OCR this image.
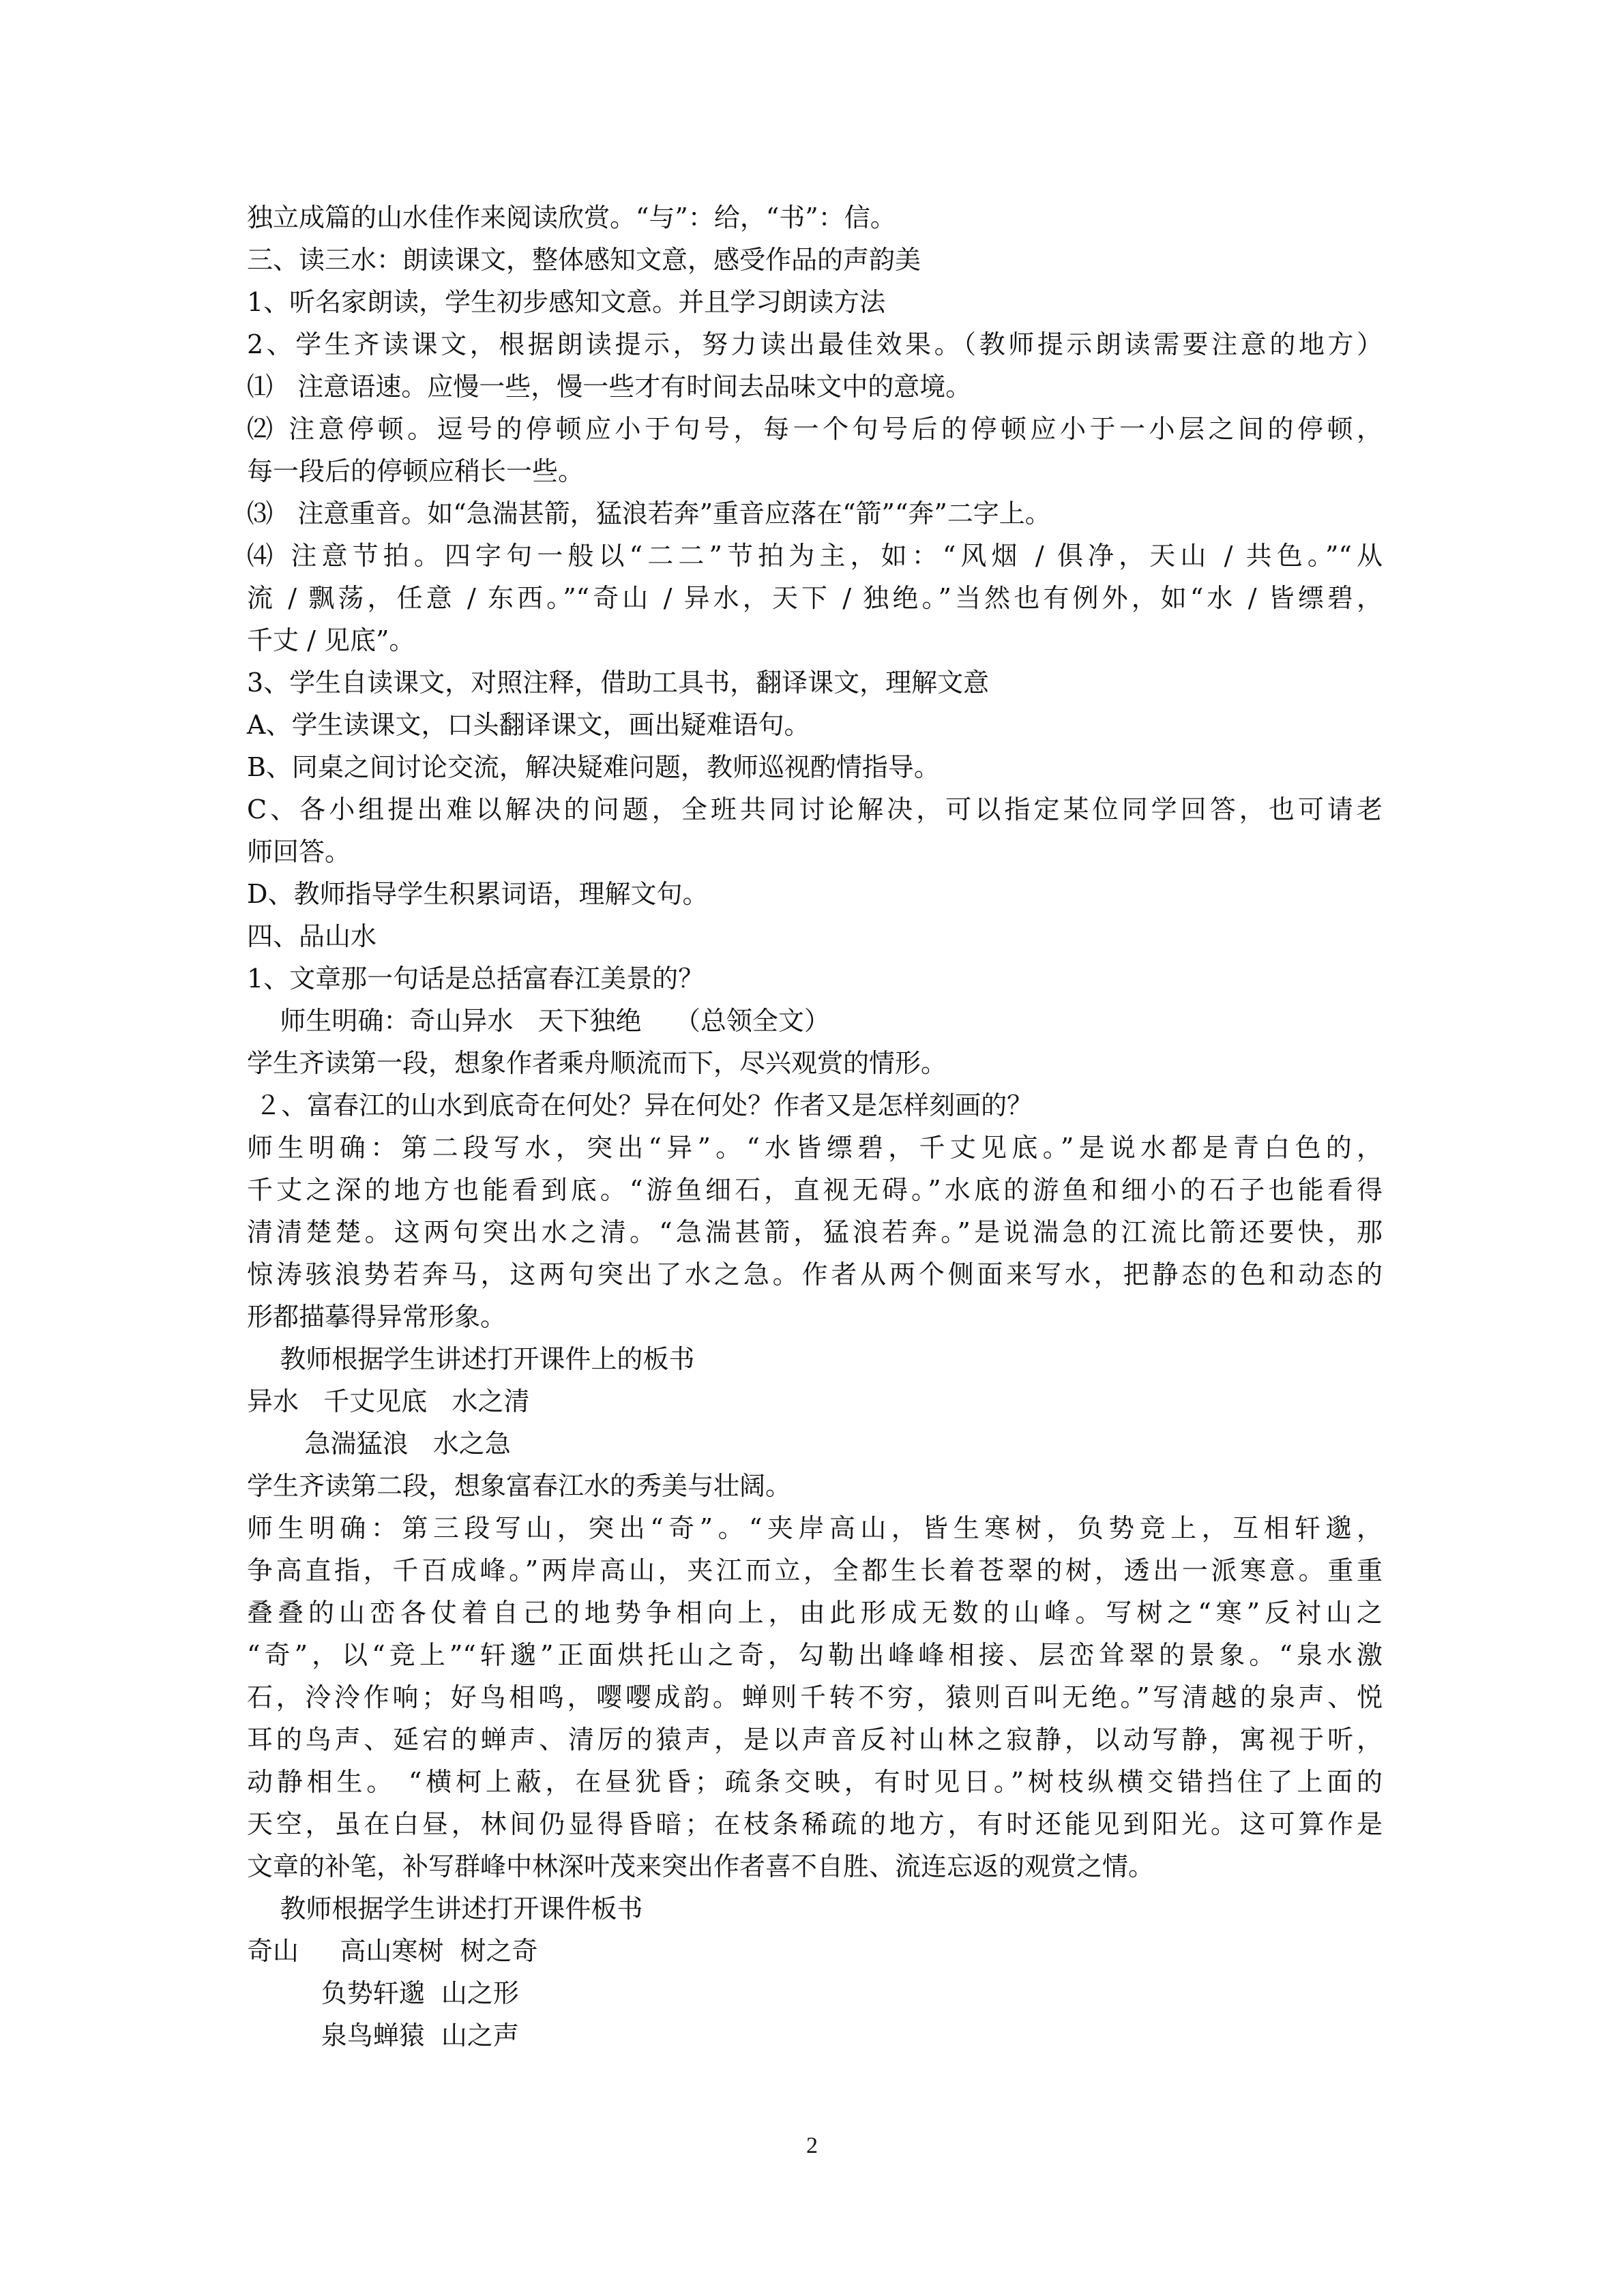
独立成篇的山水佳作来阅读欣赏。“与”：给，“书”：信。
三、读三水：朗读课文，整体感知文意，感受作品的声韵美
1、听名家朗读，学生初步感知文意。并且学习朗读方法
2、学生齐读课文，根据朗读提示，努力读出最佳效果。（教师提示朗读需要注意的地方）
⑴   注意语速。应慢一些，慢一些才有时间去品味文中的意境。
⑵ 注意停顿。逗号的停顿应小于句号，每一个句号后的停顿应小于一小层之间的停顿，
每一段后的停顿应稍长一些。
⑶   注意重音。如“急湍甚箭，猛浪若奔”重音应落在“箭”“奔”二字上。
⑷ 注意节拍。四字句一般以“二二”节拍为主，如：“风烟 / 俱净，天山 / 共色。”“从
流 / 飘荡，任意 / 东西。”“奇山 / 异水，天下 / 独绝。”当然也有例外，如“水 / 皆缥碧，
千丈 / 见底”。
3、学生自读课文，对照注释，借助工具书，翻译课文，理解文意
A、学生读课文，口头翻译课文，画出疑难语句。
B、同桌之间讨论交流，解决疑难问题，教师巡视酌情指导。
C、各小组提出难以解决的问题，全班共同讨论解决，可以指定某位同学回答，也可请老
师回答。
D、教师指导学生积累词语，理解文句。
四、品山水
1、文章那一句话是总括富春江美景的？
师生明确：奇山异水   天下独绝    （总领全文）
学生齐读第一段，想象作者乘舟顺流而下，尽兴观赏的情形。
２、富春江的山水到底奇在何处？异在何处？作者又是怎样刻画的？
师生明确：第二段写水，突出“异”。“水皆缥碧，千丈见底。”是说水都是青白色的，
千丈之深的地方也能看到底。“游鱼细石，直视无碍。”水底的游鱼和细小的石子也能看得
清清楚楚。这两句突出水之清。“急湍甚箭，猛浪若奔。”是说湍急的江流比箭还要快，那
惊涛骇浪势若奔马，这两句突出了水之急。作者从两个侧面来写水，把静态的色和动态的
形都描摹得异常形象。
教师根据学生讲述打开课件上的板书
异水   千丈见底   水之清
急湍猛浪   水之急
学生齐读第二段，想象富春江水的秀美与壮阔。
师生明确：第三段写山，突出“奇”。“夹岸高山，皆生寒树，负势竞上，互相轩邈，
争高直指，千百成峰。”两岸高山，夹江而立，全都生长着苍翠的树，透出一派寒意。重重
叠叠的山峦各仗着自己的地势争相向上，由此形成无数的山峰。写树之“寒”反衬山之
“奇”，以“竞上”“轩邈”正面烘托山之奇，勾勒出峰峰相接、层峦耸翠的景象。“泉水激
石，泠泠作响；好鸟相鸣，嘤嘤成韵。蝉则千转不穷，猿则百叫无绝。”写清越的泉声、悦
耳的鸟声、延宕的蝉声、清厉的猿声，是以声音反衬山林之寂静，以动写静，寓视于听，
动静相生。 “横柯上蔽，在昼犹昏；疏条交映，有时见日。”树枝纵横交错挡住了上面的
天空，虽在白昼，林间仍显得昏暗；在枝条稀疏的地方，有时还能见到阳光。这可算作是
文章的补笔，补写群峰中林深叶茂来突出作者喜不自胜、流连忘返的观赏之情。
教师根据学生讲述打开课件板书
奇山     高山寒树  树之奇
负势轩邈  山之形
泉鸟蝉猿  山之声
2
